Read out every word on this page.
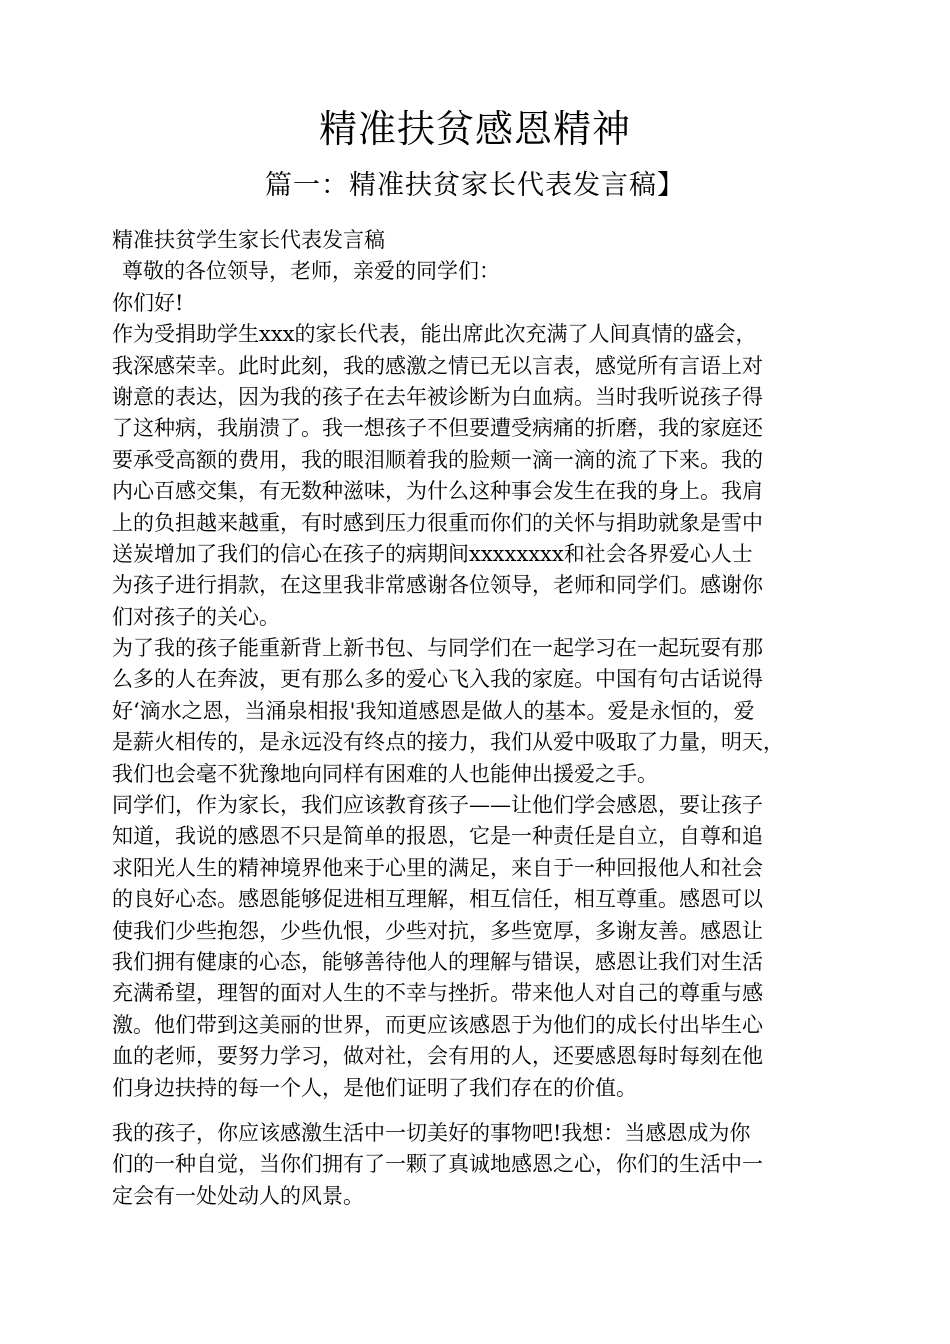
精准扶贫感恩精神
篇一：精准扶贫家长代表发言稿】
精准扶贫学生家长代表发言稿
尊敬的各位领导，老师，亲爱的同学们：
你们好!
作为受捐助学生xxx的家长代表，能出席此次充满了人间真情的盛会，
我深感荣幸。此时此刻，我的感激之情已无以言表，感觉所有言语上对
谢意的表达，因为我的孩子在去年被诊断为白血病。当时我听说孩子得
了这种病，我崩溃了。我一想孩子不但要遭受病痛的折磨，我的家庭还
要承受高额的费用，我的眼泪顺着我的脸颊一滴一滴的流了下来。我的
内心百感交集，有无数种滋味，为什么这种事会发生在我的身上。我肩
上的负担越来越重，有时感到压力很重而你们的关怀与捐助就象是雪中
送炭增加了我们的信心在孩子的病期间xxxxxxxx和社会各界爱心人士
为孩子进行捐款，在这里我非常感谢各位领导，老师和同学们。感谢你
们对孩子的关心。
为了我的孩子能重新背上新书包、与同学们在一起学习在一起玩耍有那
么多的人在奔波，更有那么多的爱心飞入我的家庭。中国有句古话说得
好‘滴水之恩，当涌泉相报'我知道感恩是做人的基本。爱是永恒的，爱
是薪火相传的，是永远没有终点的接力，我们从爱中吸取了力量，明天，
我们也会毫不犹豫地向同样有困难的人也能伸出援爱之手。
同学们，作为家长，我们应该教育孩子——让他们学会感恩，要让孩子
知道，我说的感恩不只是简单的报恩，它是一种责任是自立，自尊和追
求阳光人生的精神境界他来于心里的满足，来自于一种回报他人和社会
的良好心态。感恩能够促进相互理解，相互信任，相互尊重。感恩可以
使我们少些抱怨，少些仇恨，少些对抗，多些宽厚，多谢友善。感恩让
我们拥有健康的心态，能够善待他人的理解与错误，感恩让我们对生活
充满希望，理智的面对人生的不幸与挫折。带来他人对自己的尊重与感
激。他们带到这美丽的世界，而更应该感恩于为他们的成长付出毕生心
血的老师，要努力学习，做对社，会有用的人，还要感恩每时每刻在他
们身边扶持的每一个人，是他们证明了我们存在的价值。
我的孩子，你应该感激生活中一切美好的事物吧!我想：当感恩成为你
们的一种自觉，当你们拥有了一颗了真诚地感恩之心，你们的生活中一
定会有一处处动人的风景。
